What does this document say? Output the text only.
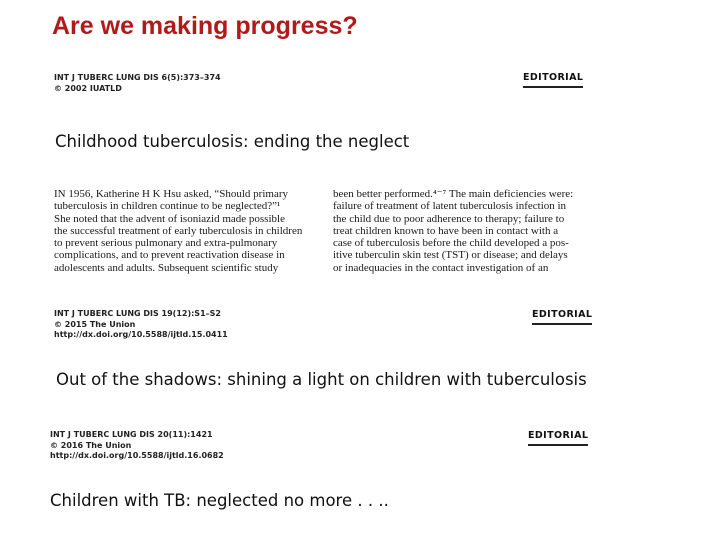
Are we making progress?
INT J TUBERC LUNG DIS 6(5):373–374
© 2002 IUATLD
EDITORIAL
Childhood tuberculosis: ending the neglect
IN 1956, Katherine H K Hsu asked, “Should primary
tuberculosis in children continue to be neglected?”¹
She noted that the advent of isoniazid made possible
the successful treatment of early tuberculosis in children
to prevent serious pulmonary and extra-pulmonary
complications, and to prevent reactivation disease in
adolescents and adults. Subsequent scientific study
been better performed.⁴⁻⁷ The main deficiencies were:
failure of treatment of latent tuberculosis infection in
the child due to poor adherence to therapy; failure to
treat children known to have been in contact with a
case of tuberculosis before the child developed a pos-
itive tuberculin skin test (TST) or disease; and delays
or inadequacies in the contact investigation of an
INT J TUBERC LUNG DIS 19(12):S1–S2
© 2015 The Union
http://dx.doi.org/10.5588/ijtld.15.0411
EDITORIAL
Out of the shadows: shining a light on children with tuberculosis
INT J TUBERC LUNG DIS 20(11):1421
© 2016 The Union
http://dx.doi.org/10.5588/ijtld.16.0682
EDITORIAL
Children with TB: neglected no more . . ..
